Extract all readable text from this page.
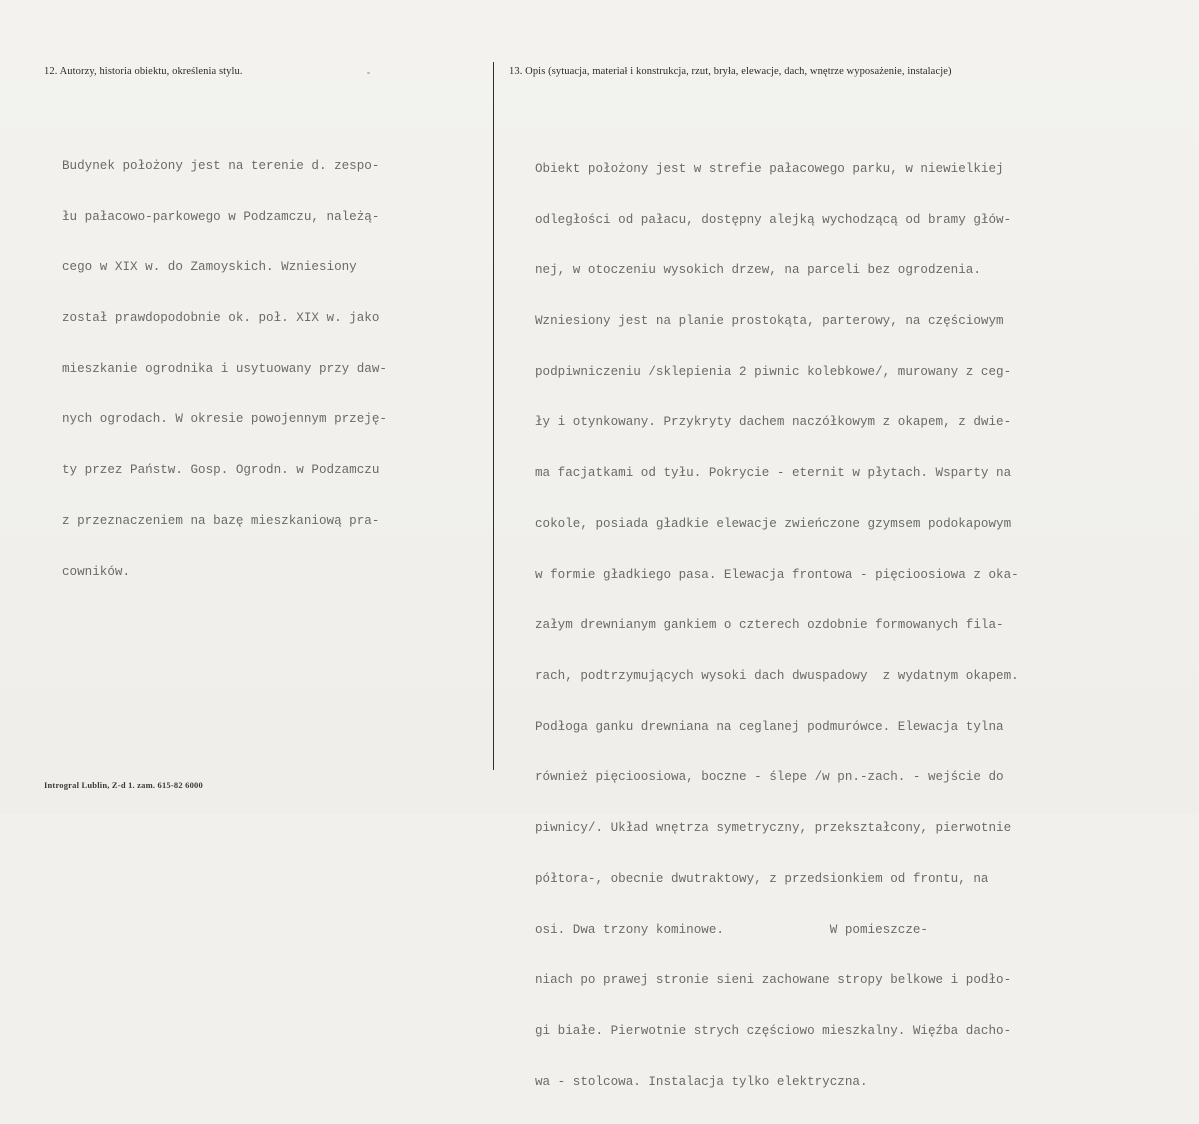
12. Autorzy, historia obiektu, określenia stylu.	13. Opis (sytuacja, materiał i konstrukcja, rzut, bryła, elewacje, dach, wnętrze wyposażenie, instalacje)

Budynek położony jest na terenie d. zespo-

łu pałacowo-parkowego w Podzamczu, należą-

cego w XIX w. do Zamoyskich. Wzniesiony

został prawdopodobnie ok. poł. XIX w. jako

mieszkanie ogrodnika i usytuowany przy daw-

nych ogrodach. W okresie powojennym przeję-

ty przez Państw. Gosp. Ogrodn. w Podzamczu

z przeznaczeniem na bazę mieszkaniową pra-

cowników.

Obiekt położony jest w strefie pałacowego parku, w niewielkiej

odległości od pałacu, dostępny alejką wychodzącą od bramy głów-

nej, w otoczeniu wysokich drzew, na parceli bez ogrodzenia.

Wzniesiony jest na planie prostokąta, parterowy, na częściowym

podpiwniczeniu /sklepienia 2 piwnic kolebkowe/, murowany z ceg-

ły i otynkowany. Przykryty dachem naczółkowym z okapem, z dwie-

ma facjatkami od tyłu. Pokrycie - eternit w płytach. Wsparty na

cokole, posiada gładkie elewacje zwieńczone gzymsem podokapowym

w formie gładkiego pasa. Elewacja frontowa - pięcioosiowa z oka-

załym drewnianym gankiem o czterech ozdobnie formowanych fila-

rach, podtrzymujących wysoki dach dwuspadowy  z wydatnym okapem.

Podłoga ganku drewniana na ceglanej podmurówce. Elewacja tylna

również pięcioosiowa, boczne - ślepe /w pn.-zach. - wejście do

piwnicy/. Układ wnętrza symetryczny, przekształcony, pierwotnie

półtora-, obecnie dwutraktowy, z przedsionkiem od frontu, na

osi. Dwa trzony kominowe.              W pomieszcze-

niach po prawej stronie sieni zachowane stropy belkowe i podło-

gi białe. Pierwotnie strych częściowo mieszkalny. Więźba dacho-

wa - stolcowa. Instalacja tylko elektryczna.

Introgral Lublin, Z-d 1. zam. 615-82 6000
